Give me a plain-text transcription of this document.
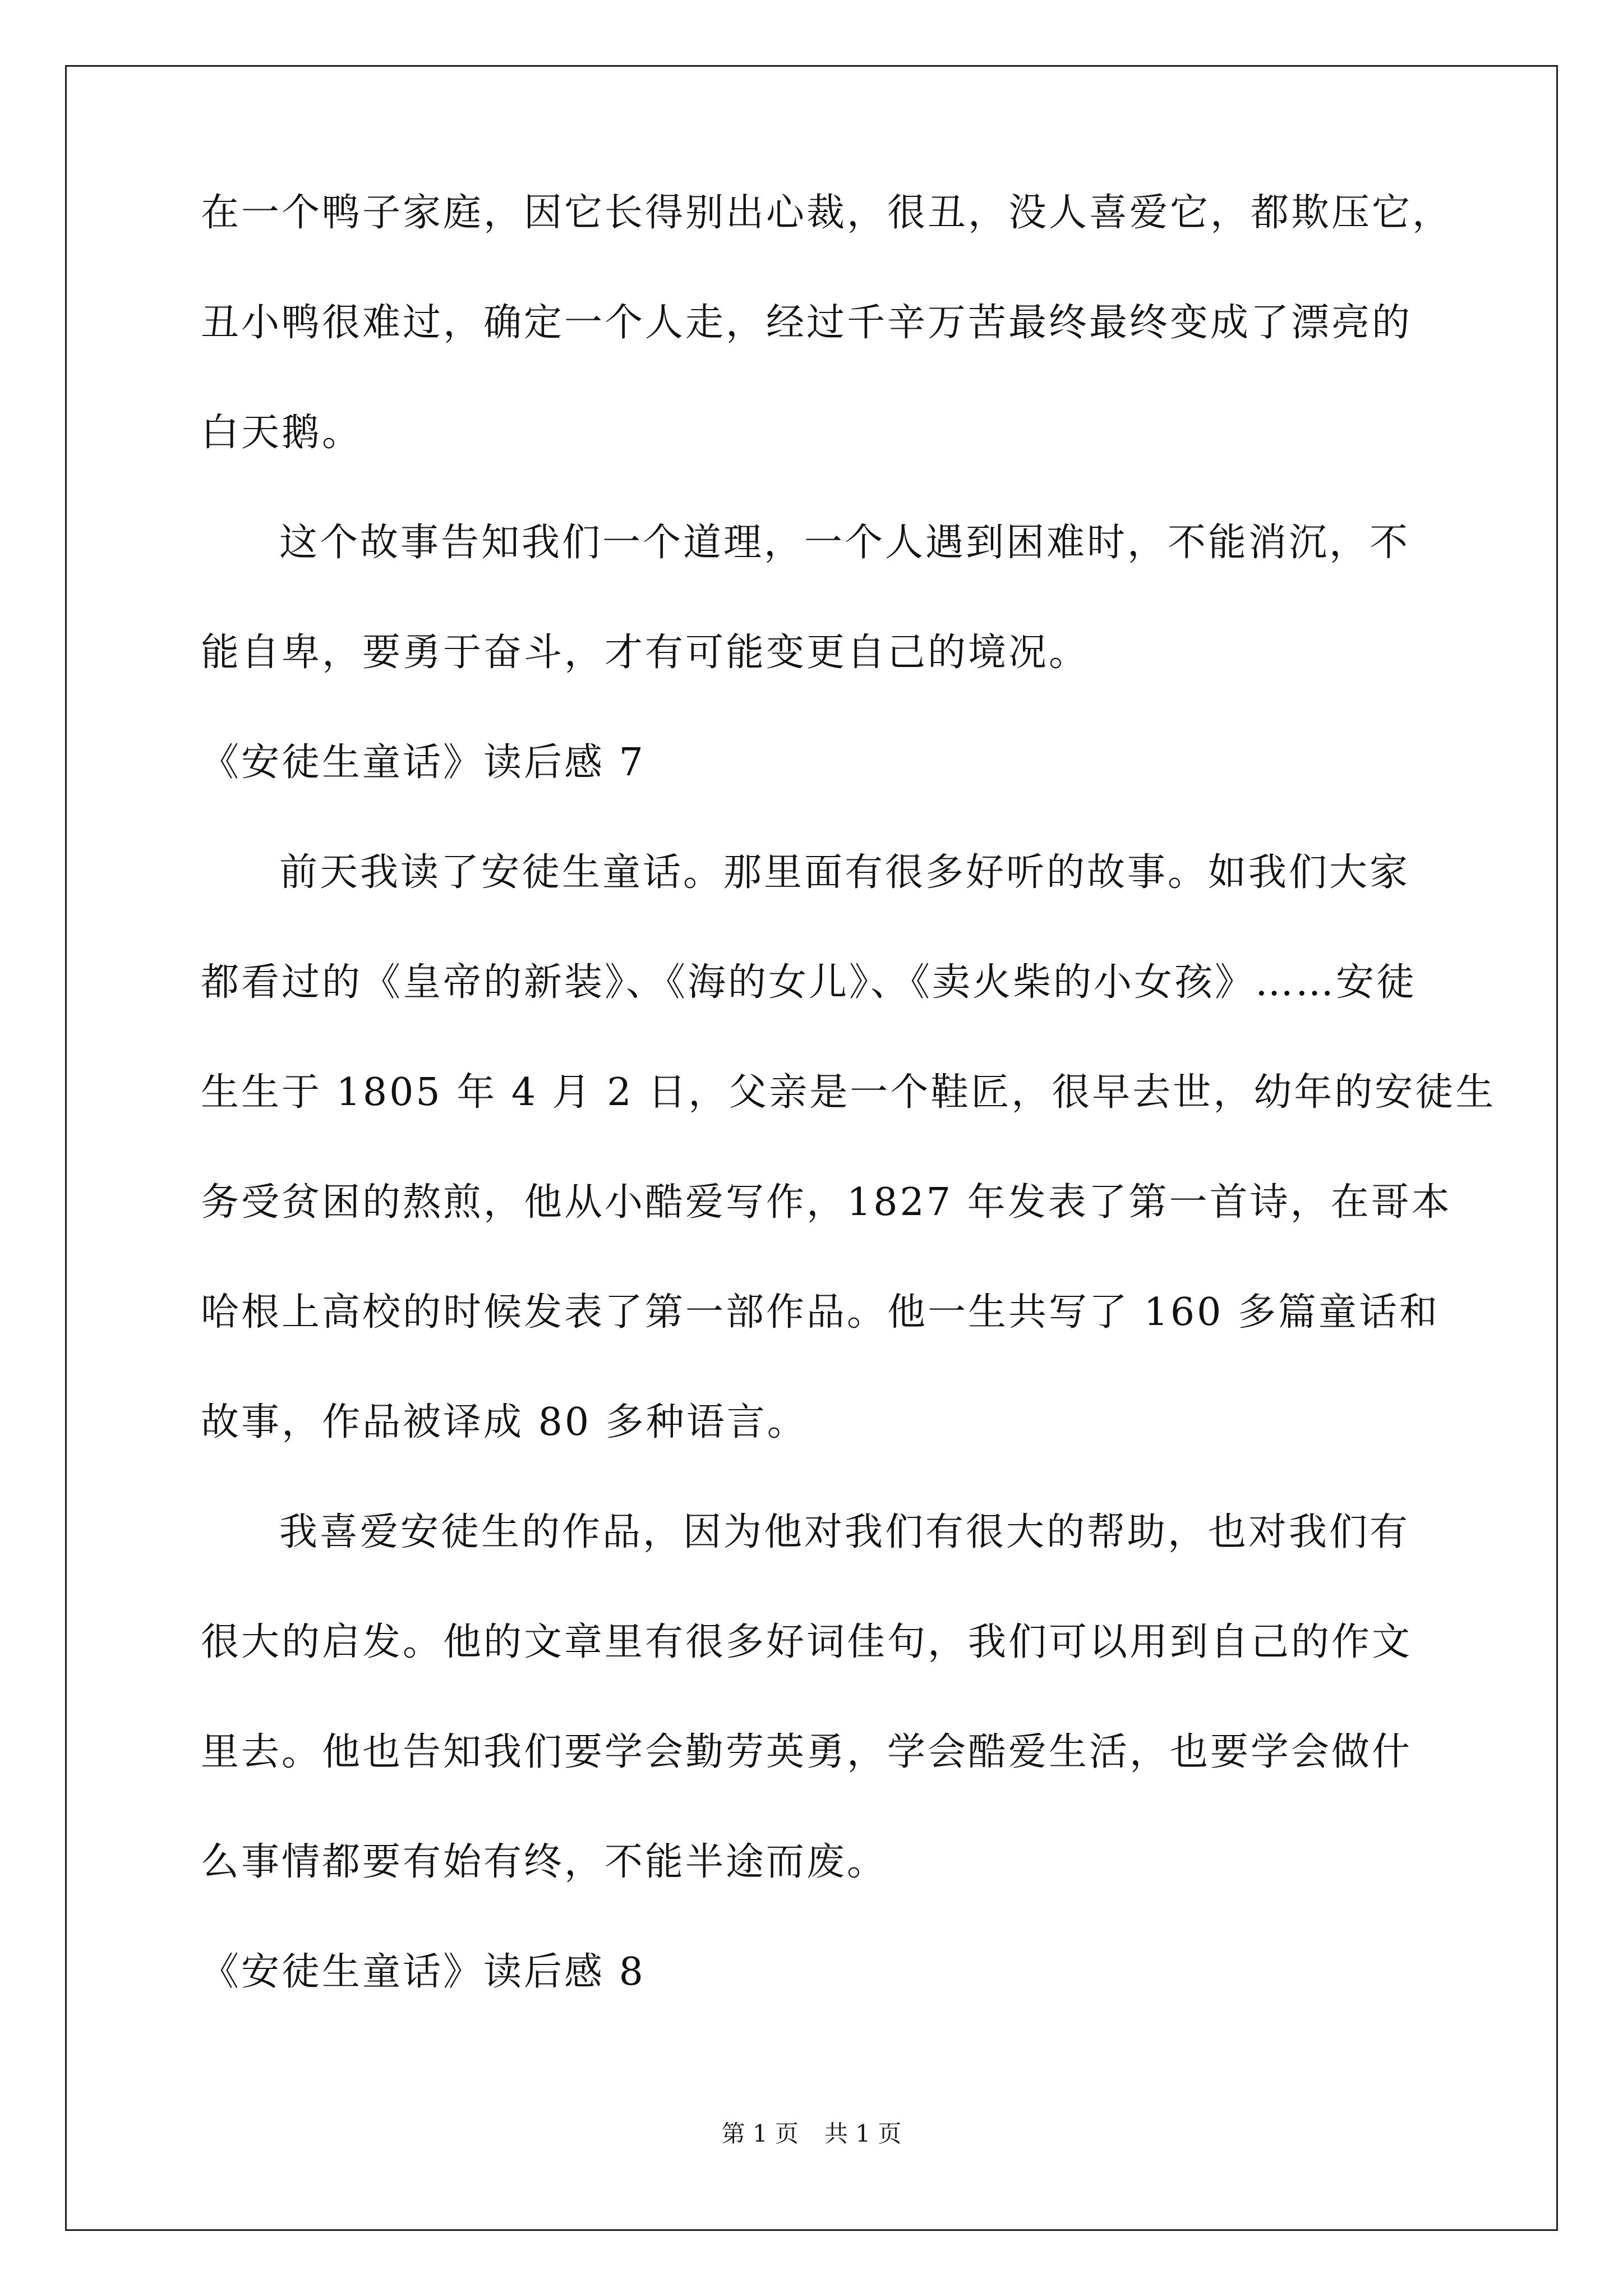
在一个鸭子家庭，因它长得别出心裁，很丑，没人喜爱它，都欺压它，
丑小鸭很难过，确定一个人走，经过千辛万苦最终最终变成了漂亮的
白天鹅。
这个故事告知我们一个道理，一个人遇到困难时，不能消沉，不
能自卑，要勇于奋斗，才有可能变更自己的境况。
《安徒生童话》读后感 7
前天我读了安徒生童话。那里面有很多好听的故事。如我们大家
都看过的《皇帝的新装》、《海的女儿》、《卖火柴的小女孩》……安徒
生生于 1805 年 4 月 2 日，父亲是一个鞋匠，很早去世，幼年的安徒生
务受贫困的熬煎，他从小酷爱写作，1827 年发表了第一首诗，在哥本
哈根上高校的时候发表了第一部作品。他一生共写了 160 多篇童话和
故事，作品被译成 80 多种语言。
我喜爱安徒生的作品，因为他对我们有很大的帮助，也对我们有
很大的启发。他的文章里有很多好词佳句，我们可以用到自己的作文
里去。他也告知我们要学会勤劳英勇，学会酷爱生活，也要学会做什
么事情都要有始有终，不能半途而废。
《安徒生童话》读后感 8
第 1 页 共 1 页
